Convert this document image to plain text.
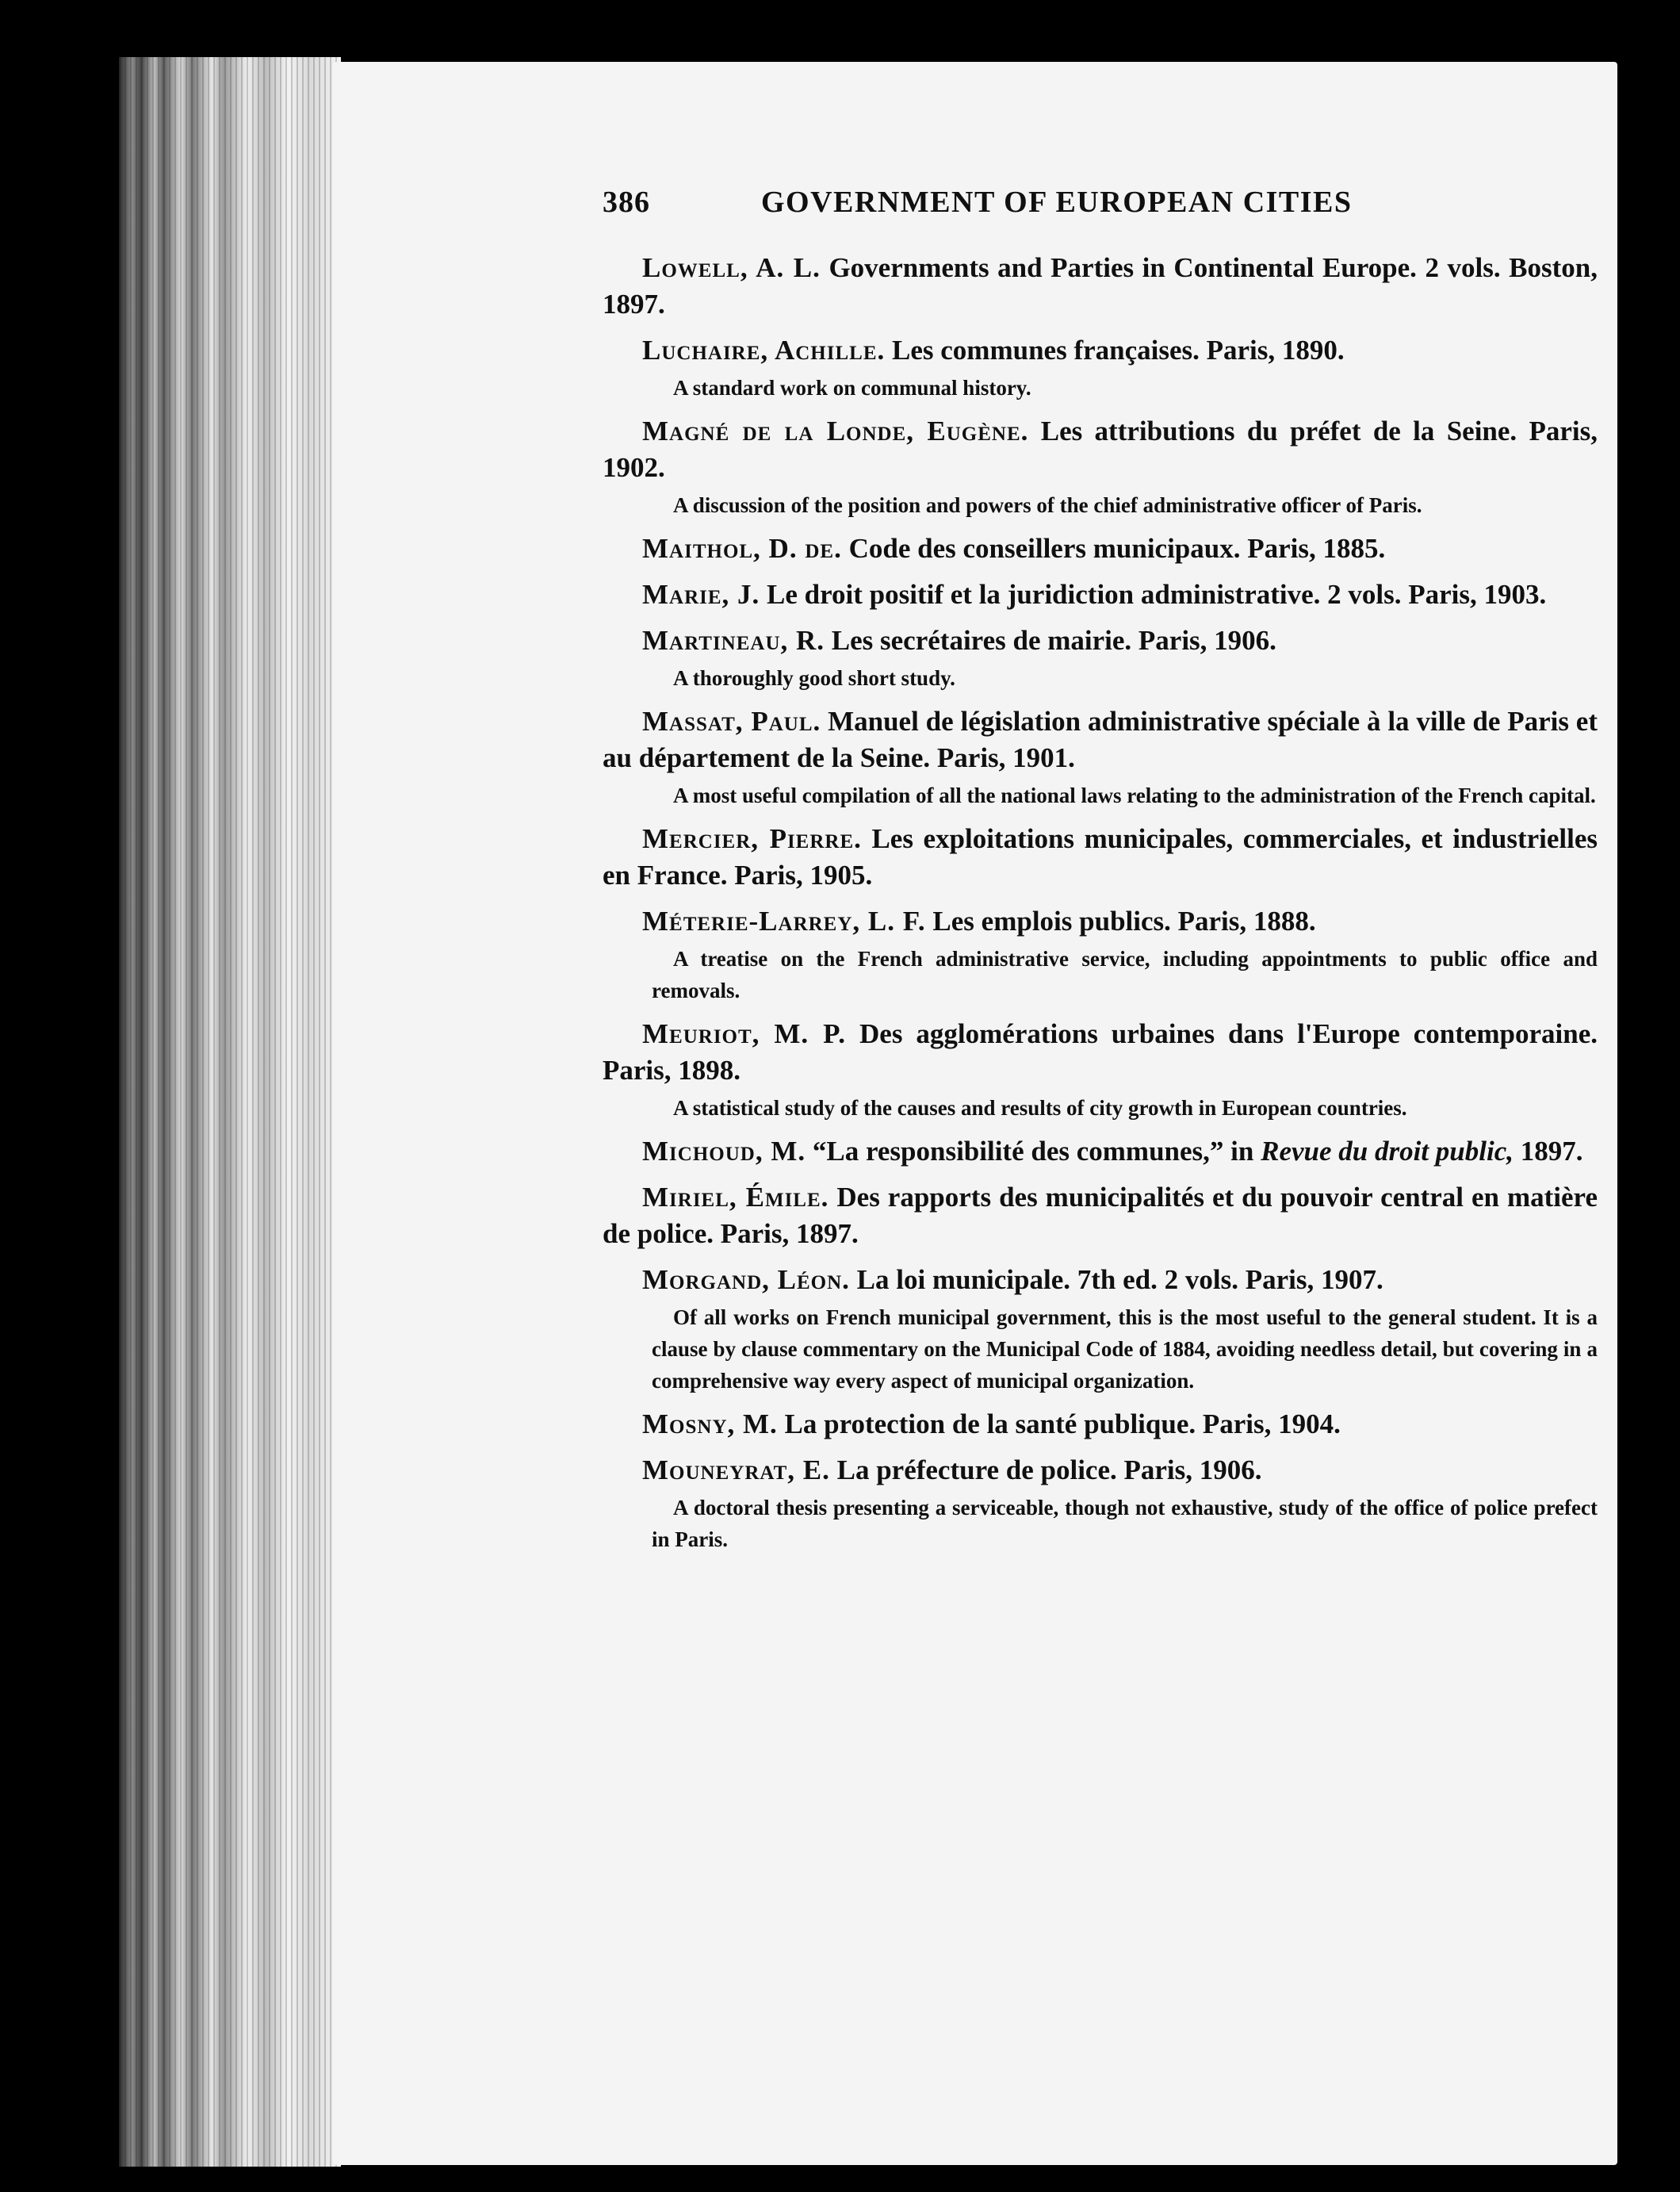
386	GOVERNMENT OF EUROPEAN CITIES
Lowell, A. L. Governments and Parties in Continental Europe. 2 vols. Boston, 1897.
Luchaire, Achille. Les communes françaises. Paris, 1890.
A standard work on communal history.
Magné de la Londe, Eugène. Les attributions du préfet de la Seine. Paris, 1902.
A discussion of the position and powers of the chief administrative officer of Paris.
Maithol, D. de. Code des conseillers municipaux. Paris, 1885.
Marie, J. Le droit positif et la juridiction administrative. 2 vols. Paris, 1903.
Martineau, R. Les secrétaires de mairie. Paris, 1906.
A thoroughly good short study.
Massat, Paul. Manuel de législation administrative spéciale à la ville de Paris et au département de la Seine. Paris, 1901.
A most useful compilation of all the national laws relating to the administration of the French capital.
Mercier, Pierre. Les exploitations municipales, commerciales, et industrielles en France. Paris, 1905.
Méterie-Larrey, L. F. Les emplois publics. Paris, 1888.
A treatise on the French administrative service, including appointments to public office and removals.
Meuriot, M. P. Des agglomérations urbaines dans l'Europe contemporaine. Paris, 1898.
A statistical study of the causes and results of city growth in European countries.
Michoud, M. “La responsibilité des communes,” in Revue du droit public, 1897.
Miriel, Émile. Des rapports des municipalités et du pouvoir central en matière de police. Paris, 1897.
Morgand, Léon. La loi municipale. 7th ed. 2 vols. Paris, 1907.
Of all works on French municipal government, this is the most useful to the general student. It is a clause by clause commentary on the Municipal Code of 1884, avoiding needless detail, but covering in a comprehensive way every aspect of municipal organization.
Mosny, M. La protection de la santé publique. Paris, 1904.
Mouneyrat, E. La préfecture de police. Paris, 1906.
A doctoral thesis presenting a serviceable, though not exhaustive, study of the office of police prefect in Paris.
